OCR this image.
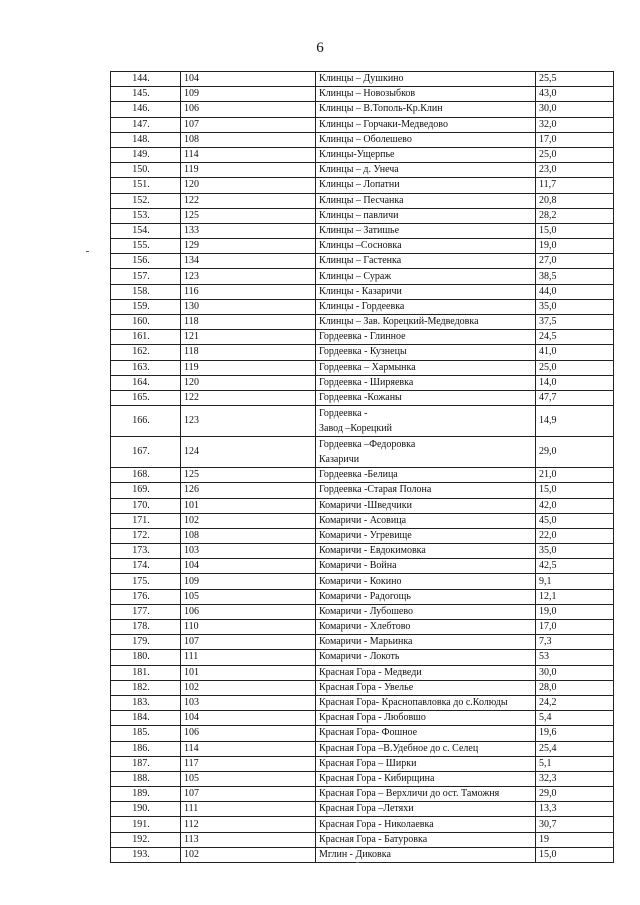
6
144.	104	Клинцы – Душкино	25,5
145.	109	Клинцы – Новозыбков	43,0
146.	106	Клинцы – В.Тополь-Кр.Клин	30,0
147.	107	Клинцы – Горчаки-Медведово	32,0
148.	108	Клинцы – Оболешево	17,0
149.	114	Клинцы-Ущерпье	25,0
150.	119	Клинцы – д. Унеча	23,0
151.	120	Клинцы – Лопатни	11,7
152.	122	Клинцы – Песчанка	20,8
153.	125	Клинцы – павличи	28,2
154.	133	Клинцы – Затишье	15,0
155.	129	Клинцы –Сосновка	19,0
156.	134	Клинцы – Гастенка	27,0
157.	123	Клинцы – Сураж	38,5
158.	116	Клинцы - Казаричи	44,0
159.	130	Клинцы - Гордеевка	35,0
160.	118	Клинцы – Зав. Корецкий-Медведовка	37,5
161.	121	Гордеевка - Глинное	24,5
162.	118	Гордеевка - Кузнецы	41,0
163.	119	Гордеевка – Хармынка	25,0
164.	120	Гордеевка - Ширяевка	14,0
165.	122	Гордеевка -Кожаны	47,7
166.	123	Гордеевка -
Завод –Корецкий	14,9
167.	124	Гордеевка –Федоровка
Казаричи	29,0
168.	125	Гордеевка -Белица	21,0
169.	126	Гордеевка -Старая Полона	15,0
170.	101	Комаричи -Шведчики	42,0
171.	102	Комаричи - Асовица	45,0
172.	108	Комаричи - Угревище	22,0
173.	103	Комаричи - Евдокимовка	35,0
174.	104	Комаричи - Война	42,5
175.	109	Комаричи - Кокино	9,1
176.	105	Комаричи - Радогощь	12,1
177.	106	Комаричи - Лубошево	19,0
178.	110	Комаричи - Хлебтово	17,0
179.	107	Комаричи - Марьинка	7,3
180.	111	Комаричи - Локоть	53
181.	101	Красная Гора - Медведи	30,0
182.	102	Красная Гора - Увелье	28,0
183.	103	Красная Гора- Краснопавловка до с.Колюды	24,2
184.	104	Красная Гора - Любовшо	5,4
185.	106	Красная Гора- Фошное	19,6
186.	114	Красная Гора –В.Удебное до с. Селец	25,4
187.	117	Красная Гора – Ширки	5,1
188.	105	Красная Гора - Кибирщина	32,3
189.	107	Красная Гора – Верхличи до ост. Таможня	29,0
190.	111	Красная Гора –Летяхи	13,3
191.	112	Красная Гора - Николаевка	30,7
192.	113	Красная Гора - Батуровка	19
193.	102	Мглин - Диковка	15,0
